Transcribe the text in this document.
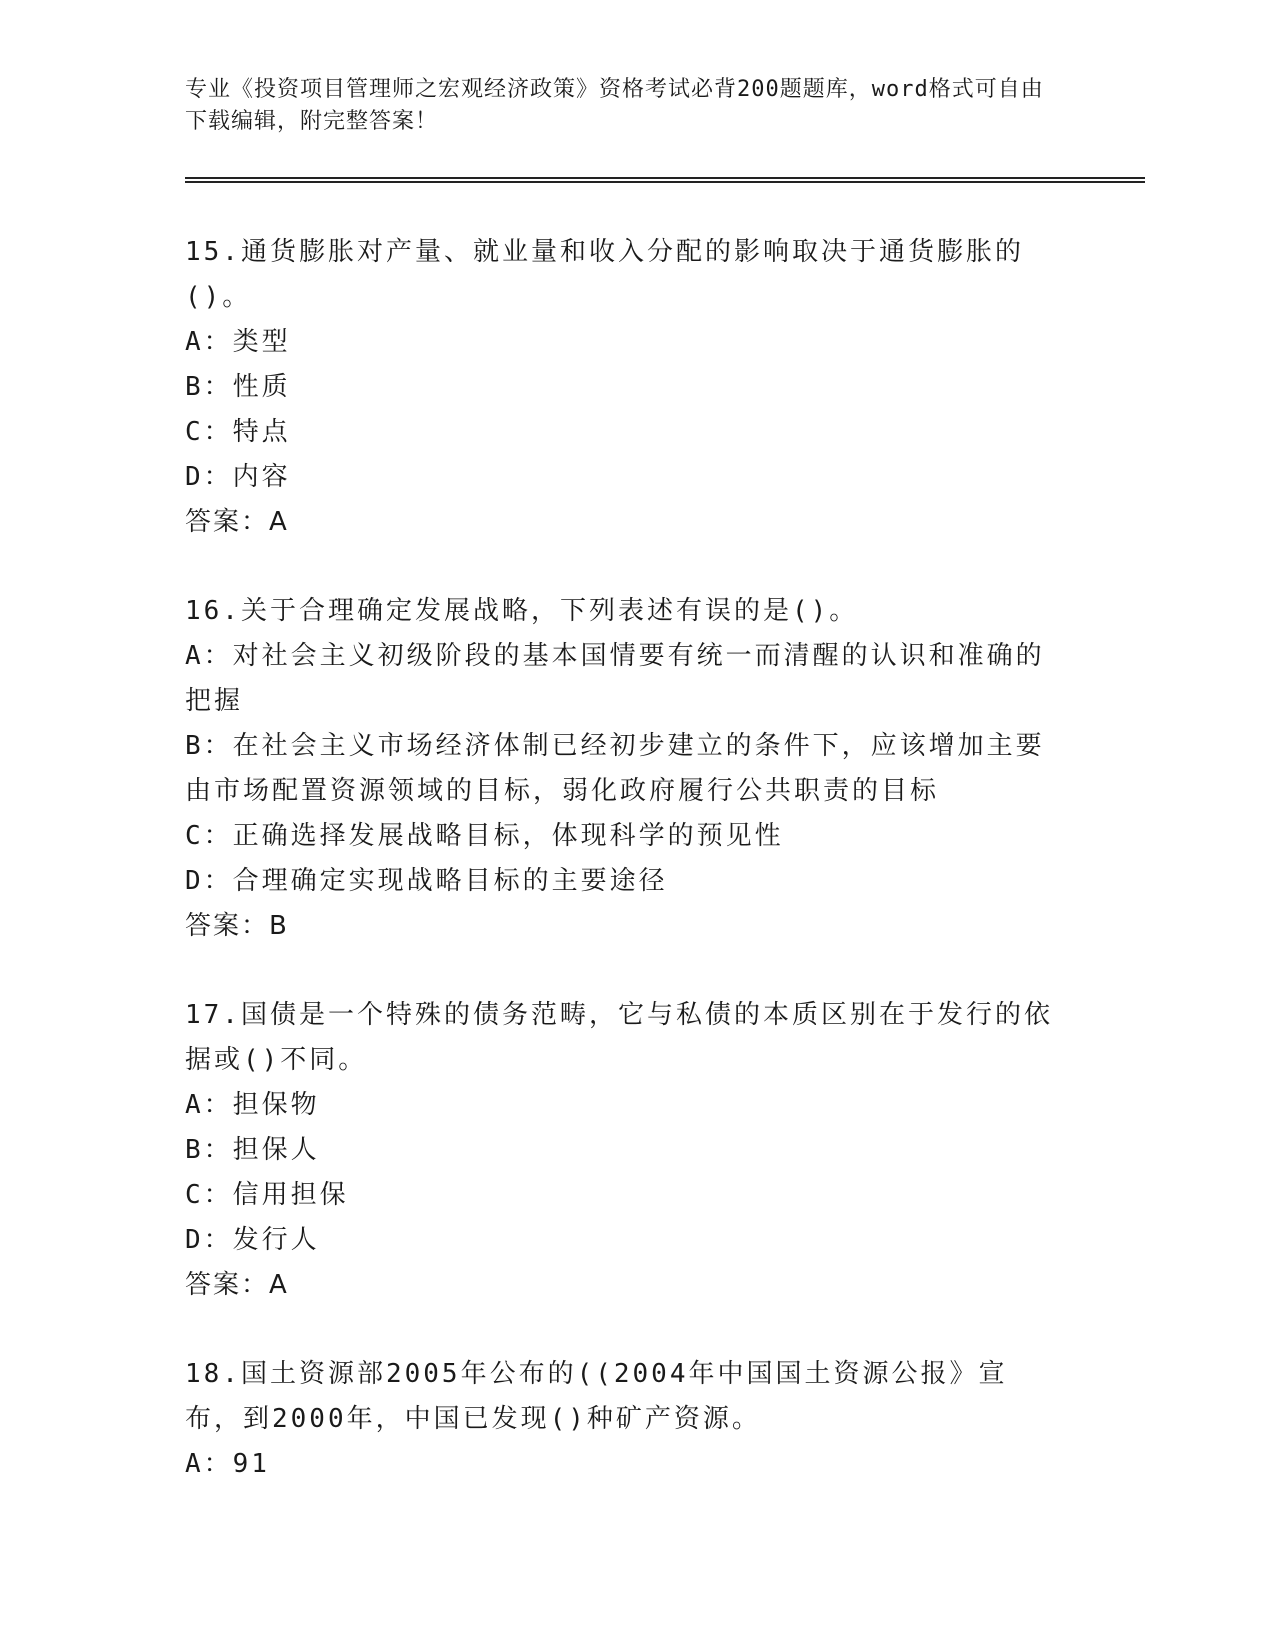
专业《投资项目管理师之宏观经济政策》资格考试必背200题题库，word格式可自由下载编辑，附完整答案！
15.通货膨胀对产量、就业量和收入分配的影响取决于通货膨胀的()。
A：类型
B：性质
C：特点
D：内容
答案：A
16.关于合理确定发展战略，下列表述有误的是()。
A：对社会主义初级阶段的基本国情要有统一而清醒的认识和准确的把握
B：在社会主义市场经济体制已经初步建立的条件下，应该增加主要由市场配置资源领域的目标，弱化政府履行公共职责的目标
C：正确选择发展战略目标，体现科学的预见性
D：合理确定实现战略目标的主要途径
答案：B
17.国债是一个特殊的债务范畴，它与私债的本质区别在于发行的依据或()不同。
A：担保物
B：担保人
C：信用担保
D：发行人
答案：A
18.国土资源部2005年公布的((2004年中国国土资源公报》宣布，到2000年，中国已发现()种矿产资源。
A：91
